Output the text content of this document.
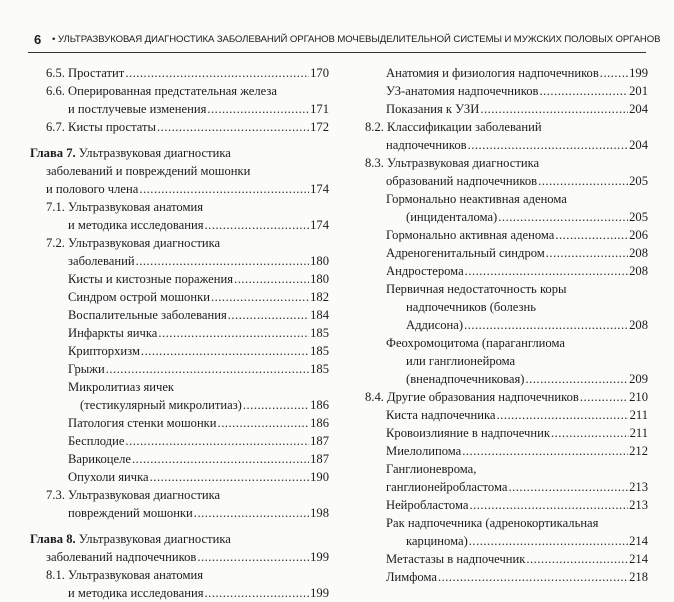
6 • УЛЬТРАЗВУКОВАЯ ДИАГНОСТИКА ЗАБОЛЕВАНИЙ ОРГАНОВ МОЧЕВЫДЕЛИТЕЛЬНОЙ СИСТЕМЫ И МУЖСКИХ ПОЛОВЫХ ОРГАНОВ
6.5. Простатит .....	170
6.6. Оперированная предстательная железа
и постлучевые изменения .....	171
6.7. Кисты простаты .....	172
Глава 7. Ультразвуковая диагностика
заболеваний и повреждений мошонки
и полового члена .....	174
7.1. Ультразвуковая анатомия
и методика исследования .....	174
7.2. Ультразвуковая диагностика
заболеваний .....	180
Кисты и кистозные поражения .....	180
Синдром острой мошонки .....	182
Воспалительные заболевания .....	184
Инфаркты яичка .....	185
Крипторхизм .....	185
Грыжи .....	185
Микролитиаз яичек
(тестикулярный микролитиаз) .....	186
Патология стенки мошонки .....	186
Бесплодие .....	187
Варикоцеле .....	187
Опухоли яичка .....	190
7.3. Ультразвуковая диагностика
повреждений мошонки .....	198
Глава 8. Ультразвуковая диагностика
заболеваний надпочечников .....	199
8.1. Ультразвуковая анатомия
и методика исследования .....	199
Анатомия и физиология надпочечников ..... 199
УЗ-анатомия надпочечников .....	201
Показания к УЗИ .....	204
8.2. Классификации заболеваний
надпочечников .....	204
8.3. Ультразвуковая диагностика
образований надпочечников .....	205
Гормонально неактивная аденома
(инциденталома) .....	205
Гормонально активная аденома .....	206
Адреногенитальный синдром .....	208
Андростерома .....	208
Первичная недостаточность коры
надпочечников (болезнь
Аддисона) .....	208
Феохромоцитома (параганглиома
или ганглионейрома
(вненадпочечниковая) .....	209
8.4. Другие образования надпочечников .....	210
Киста надпочечника .....	211
Кровоизлияние в надпочечник .....	211
Миелолипома .....	212
Ганглионеврома,
ганглионейробластома .....	213
Нейробластома .....	213
Рак надпочечника (адренокортикальная
карцинома) .....	214
Метастазы в надпочечник .....	214
Лимфома .....	218
